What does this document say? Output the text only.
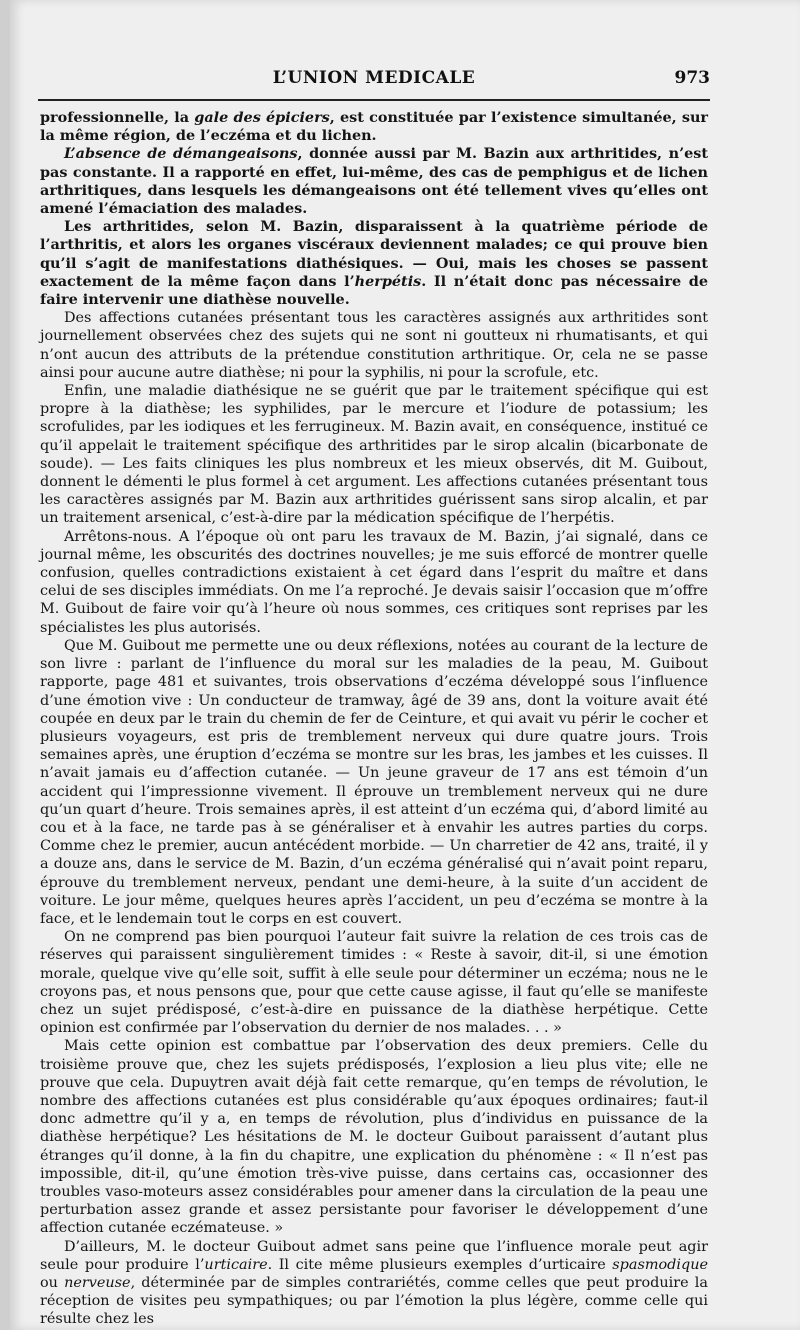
L’UNION MEDICALE	973

professionnelle, la gale des épiciers, est constituée par l’existence simultanée, sur la même région, de l’eczéma et du lichen.

L’absence de démangeaisons, donnée aussi par M. Bazin aux arthritides, n’est pas constante. Il a rapporté en effet, lui-même, des cas de pemphigus et de lichen arthritiques, dans lesquels les démangeaisons ont été tellement vives qu’elles ont amené l’émaciation des malades.

Les arthritides, selon M. Bazin, disparaissent à la quatrième période de l’arthritis, et alors les organes viscéraux deviennent malades; ce qui prouve bien qu’il s’agit de manifestations diathésiques. — Oui, mais les choses se passent exactement de la même façon dans l’herpétis. Il n’était donc pas nécessaire de faire intervenir une diathèse nouvelle.

Des affections cutanées présentant tous les caractères assignés aux arthritides sont journellement observées chez des sujets qui ne sont ni goutteux ni rhumatisants, et qui n’ont aucun des attributs de la prétendue constitution arthritique. Or, cela ne se passe ainsi pour aucune autre diathèse; ni pour la syphilis, ni pour la scrofule, etc.

Enfin, une maladie diathésique ne se guérit que par le traitement spécifique qui est propre à la diathèse; les syphilides, par le mercure et l’iodure de potassium; les scrofulides, par les iodiques et les ferrugineux. M. Bazin avait, en conséquence, institué ce qu’il appelait le traitement spécifique des arthritides par le sirop alcalin (bicarbonate de soude). — Les faits cliniques les plus nombreux et les mieux observés, dit M. Guibout, donnent le démenti le plus formel à cet argument. Les affections cutanées présentant tous les caractères assignés par M. Bazin aux arthritides guérissent sans sirop alcalin, et par un traitement arsenical, c’est-à-dire par la médication spécifique de l’herpétis.

Arrêtons-nous. A l’époque où ont paru les travaux de M. Bazin, j’ai signalé, dans ce journal même, les obscurités des doctrines nouvelles; je me suis efforcé de montrer quelle confusion, quelles contradictions existaient à cet égard dans l’esprit du maître et dans celui de ses disciples immédiats. On me l’a reproché. Je devais saisir l’occasion que m’offre M. Guibout de faire voir qu’à l’heure où nous sommes, ces critiques sont reprises par les spécialistes les plus autorisés.

Que M. Guibout me permette une ou deux réflexions, notées au courant de la lecture de son livre : parlant de l’influence du moral sur les maladies de la peau, M. Guibout rapporte, page 481 et suivantes, trois observations d’eczéma développé sous l’influence d’une émotion vive : Un conducteur de tramway, âgé de 39 ans, dont la voiture avait été coupée en deux par le train du chemin de fer de Ceinture, et qui avait vu périr le cocher et plusieurs voyageurs, est pris de tremblement nerveux qui dure quatre jours. Trois semaines après, une éruption d’eczéma se montre sur les bras, les jambes et les cuisses. Il n’avait jamais eu d’affection cutanée. — Un jeune graveur de 17 ans est témoin d’un accident qui l’impressionne vivement. Il éprouve un tremblement nerveux qui ne dure qu’un quart d’heure. Trois semaines après, il est atteint d’un eczéma qui, d’abord limité au cou et à la face, ne tarde pas à se généraliser et à envahir les autres parties du corps. Comme chez le premier, aucun antécédent morbide. — Un charretier de 42 ans, traité, il y a douze ans, dans le service de M. Bazin, d’un eczéma généralisé qui n’avait point reparu, éprouve du tremblement nerveux, pendant une demi-heure, à la suite d’un accident de voiture. Le jour même, quelques heures après l’accident, un peu d’eczéma se montre à la face, et le lendemain tout le corps en est couvert.

On ne comprend pas bien pourquoi l’auteur fait suivre la relation de ces trois cas de réserves qui paraissent singulièrement timides : « Reste à savoir, dit-il, si une émotion morale, quelque vive qu’elle soit, suffit à elle seule pour déterminer un eczéma; nous ne le croyons pas, et nous pensons que, pour que cette cause agisse, il faut qu’elle se manifeste chez un sujet prédisposé, c’est-à-dire en puissance de la diathèse herpétique. Cette opinion est confirmée par l’observation du dernier de nos malades. . . »

Mais cette opinion est combattue par l’observation des deux premiers. Celle du troisième prouve que, chez les sujets prédisposés, l’explosion a lieu plus vite; elle ne prouve que cela. Dupuytren avait déjà fait cette remarque, qu’en temps de révolution, le nombre des affections cutanées est plus considérable qu’aux époques ordinaires; faut-il donc admettre qu’il y a, en temps de révolution, plus d’individus en puissance de la diathèse herpétique? Les hésitations de M. le docteur Guibout paraissent d’autant plus étranges qu’il donne, à la fin du chapitre, une explication du phénomène : « Il n’est pas impossible, dit-il, qu’une émotion très-vive puisse, dans certains cas, occasionner des troubles vaso-moteurs assez considérables pour amener dans la circulation de la peau une perturbation assez grande et assez persistante pour favoriser le développement d’une affection cutanée eczémateuse. »

D’ailleurs, M. le docteur Guibout admet sans peine que l’influence morale peut agir seule pour produire l’urticaire. Il cite même plusieurs exemples d’urticaire spasmodique ou nerveuse, déterminée par de simples contrariétés, comme celles que peut produire la réception de visites peu sympathiques; ou par l’émotion la plus légère, comme celle qui résulte chez les
